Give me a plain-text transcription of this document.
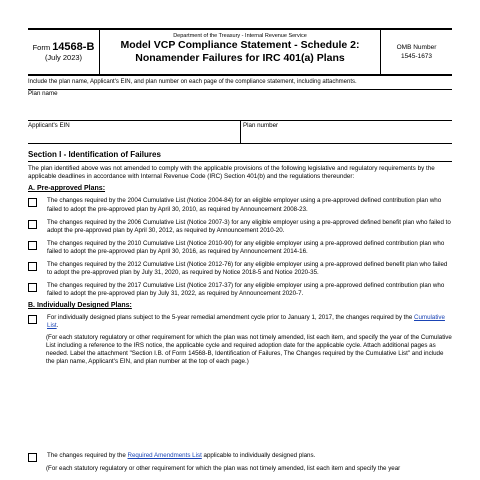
Form 14568-B
(July 2023)
Department of the Treasury - Internal Revenue Service
Model VCP Compliance Statement - Schedule 2:
Nonamender Failures for IRC 401(a) Plans
OMB Number
1545-1673
Include the plan name, Applicant's EIN, and plan number on each page of the compliance statement, including attachments.
Plan name
Applicant's EIN	Plan number
Section I - Identification of Failures
The plan identified above was not amended to comply with the applicable provisions of the following legislative and regulatory requirements by the applicable deadlines in accordance with Internal Revenue Code (IRC) Section 401(b) and the regulations thereunder:
A. Pre-approved Plans:
The changes required by the 2004 Cumulative List (Notice 2004-84) for an eligible employer using a pre-approved defined contribution plan who failed to adopt the pre-approved plan by April 30, 2010, as required by Announcement 2008-23.
The changes required by the 2006 Cumulative List (Notice 2007-3) for any eligible employer using a pre-approved defined benefit plan who failed to adopt the pre-approved plan by April 30, 2012, as required by Announcement 2010-20.
The changes required by the 2010 Cumulative List (Notice 2010-90) for any eligible employer using a pre-approved defined contribution plan who failed to adopt the pre-approved plan by April 30, 2016, as required by Announcement 2014-16.
The changes required by the 2012 Cumulative List (Notice 2012-76) for any eligible employer using a pre-approved defined benefit plan who failed to adopt the pre-approved plan by July 31, 2020, as required by Notice 2018-5 and Notice 2020-35.
The changes required by the 2017 Cumulative List (Notice 2017-37) for any eligible employer using a pre-approved defined contribution plan who failed to adopt the pre-approved plan by July 31, 2022, as required by Announcement 2020-7.
B. Individually Designed Plans:
For individually designed plans subject to the 5-year remedial amendment cycle prior to January 1, 2017, the changes required by the Cumulative List.
(For each statutory regulatory or other requirement for which the plan was not timely amended, list each item, and specify the year of the Cumulative List including a reference to the IRS notice, the applicable cycle and required adoption date for the applicable cycle. Attach additional pages as needed. Label the attachment "Section I.B. of Form 14568-B, Identification of Failures, The Changes required by the Cumulative List" and include the plan name, Applicant's EIN, and plan number at the top of each page.)
The changes required by the Required Amendments List applicable to individually designed plans.
(For each statutory regulatory or other requirement for which the plan was not timely amended, list each item and specify the year
